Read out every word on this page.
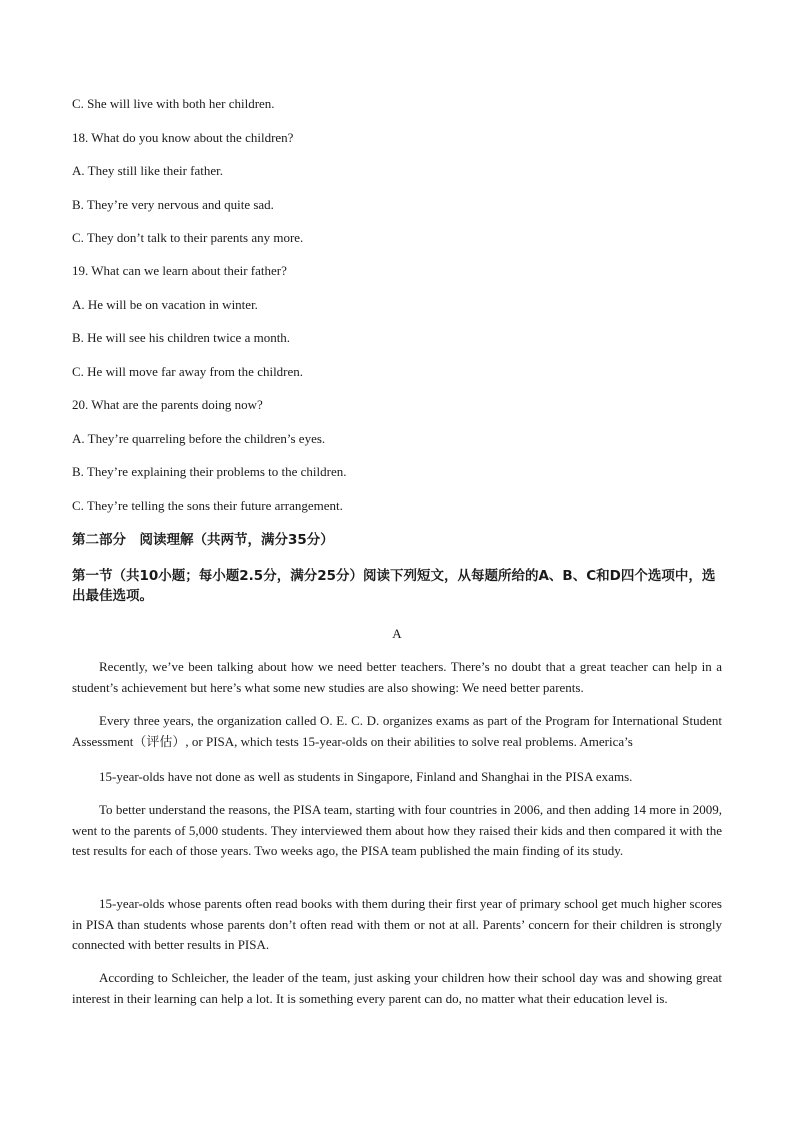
C. She will live with both her children.
18. What do you know about the children?
A. They still like their father.
B. They’re very nervous and quite sad.
C. They don’t talk to their parents any more.
19. What can we learn about their father?
A. He will be on vacation in winter.
B. He will see his children twice a month.
C. He will move far away from the children.
20. What are the parents doing now?
A. They’re quarreling before the children’s eyes.
B. They’re explaining their problems to the children.
C. They’re telling the sons their future arrangement.
第二部分　阅读理解（共两节，满分35分）
第一节（共10小题；每小题2.5分，满分25分）阅读下列短文，从每题所给的A、B、C和D四个选项中，选出最佳选项。
A
Recently, we’ve been talking about how we need better teachers. There’s no doubt that a great teacher can help in a student’s achievement but here’s what some new studies are also showing: We need better parents.
Every three years, the organization called O. E. C. D. organizes exams as part of the Program for International Student Assessment（评估）, or PISA, which tests 15-year-olds on their abilities to solve real problems. America’s
15-year-olds have not done as well as students in Singapore, Finland and Shanghai in the PISA exams.
To better understand the reasons, the PISA team, starting with four countries in 2006, and then adding 14 more in 2009, went to the parents of 5,000 students. They interviewed them about how they raised their kids and then compared it with the test results for each of those years. Two weeks ago, the PISA team published the main finding of its study.
15-year-olds whose parents often read books with them during their first year of primary school get much higher scores in PISA than students whose parents don’t often read with them or not at all. Parents’ concern for their children is strongly connected with better results in PISA.
According to Schleicher, the leader of the team, just asking your children how their school day was and showing great interest in their learning can help a lot. It is something every parent can do, no matter what their education level is.
